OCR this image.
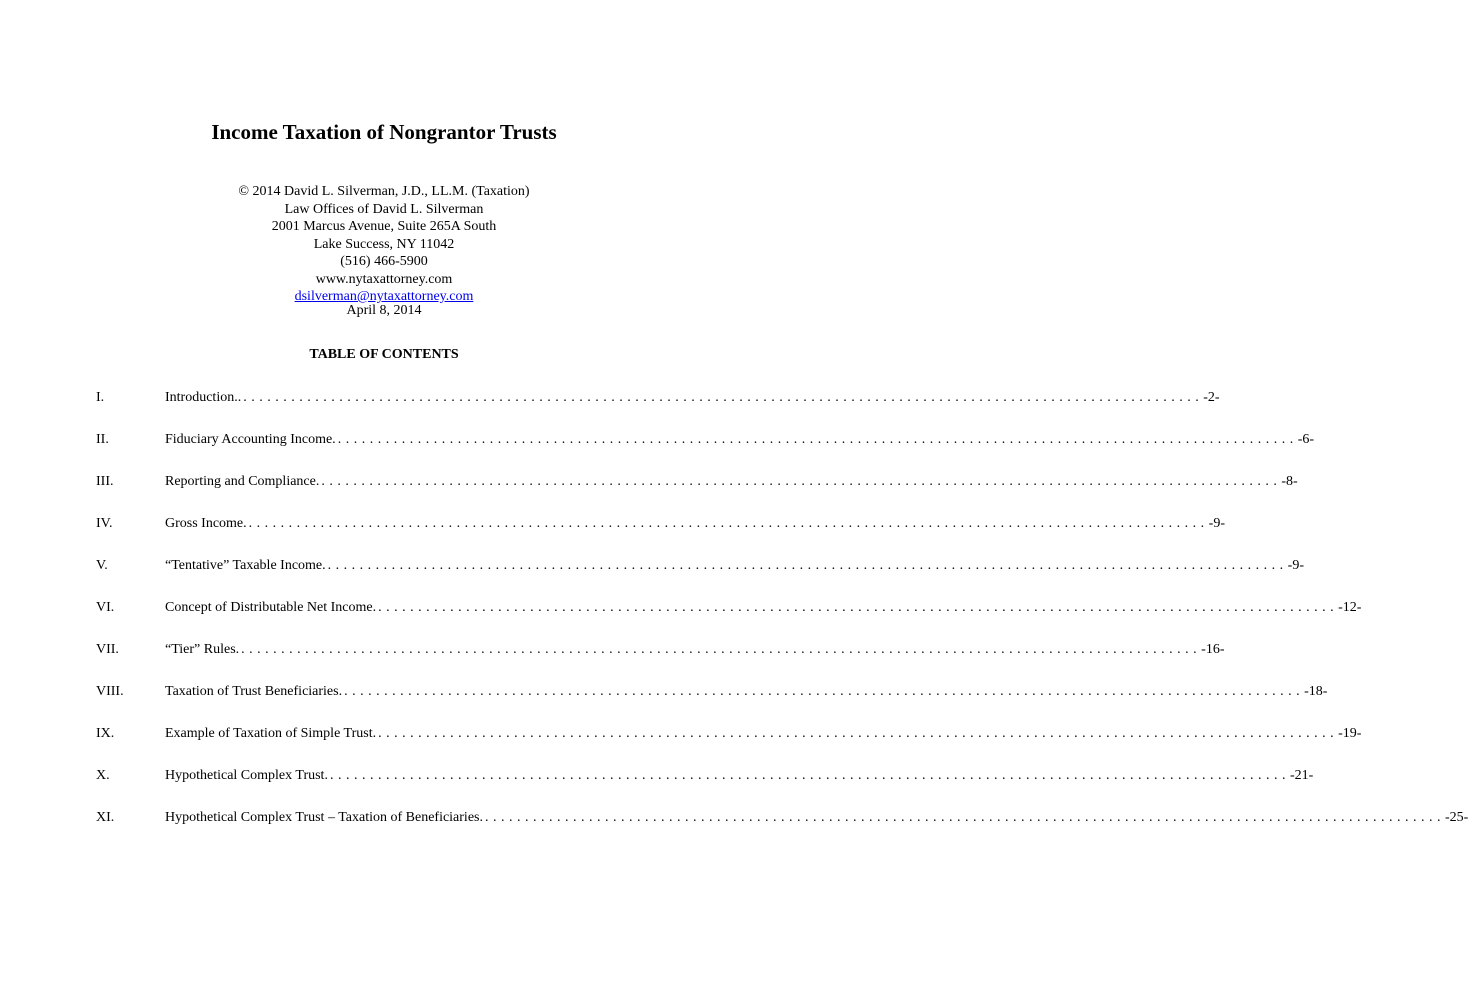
Income Taxation of Nongrantor Trusts
© 2014 David L. Silverman, J.D., LL.M. (Taxation)
Law Offices of David L. Silverman
2001 Marcus Avenue, Suite 265A South
Lake Success, NY 11042
(516) 466-5900
www.nytaxattorney.com
dsilverman@nytaxattorney.com
April 8, 2014
TABLE OF CONTENTS
I.	Introduction.. . . . . . . . . . . . . . . . . . . . . . . . . . . . . . . . . . . . . . . . . . . . . . . . . . . . . . . . . . . . . . . . . . . . . . . . . . . . . . . . . . . . . . . . . . . . . . . . . . . . . . . . . . . . . . . . . . . . . . . . . -2-
II.	Fiduciary Accounting Income. . . . . . . . . . . . . . . . . . . . . . . . . . . . . . . . . . . . . . . . . . . . . . . . . . . . . . . . . . . . . . . . . . . . . . . . . . . . . . . . . . . . . . . . . . . . . . . . . . . . . . . . . . . . . . . . . . . . . . . . . -6-
III.	Reporting and Compliance. . . . . . . . . . . . . . . . . . . . . . . . . . . . . . . . . . . . . . . . . . . . . . . . . . . . . . . . . . . . . . . . . . . . . . . . . . . . . . . . . . . . . . . . . . . . . . . . . . . . . . . . . . . . . . . . . . . . . . . . . -8-
IV.	Gross Income. . . . . . . . . . . . . . . . . . . . . . . . . . . . . . . . . . . . . . . . . . . . . . . . . . . . . . . . . . . . . . . . . . . . . . . . . . . . . . . . . . . . . . . . . . . . . . . . . . . . . . . . . . . . . . . . . . . . . . . . . -9-
V.	“Tentative” Taxable Income. . . . . . . . . . . . . . . . . . . . . . . . . . . . . . . . . . . . . . . . . . . . . . . . . . . . . . . . . . . . . . . . . . . . . . . . . . . . . . . . . . . . . . . . . . . . . . . . . . . . . . . . . . . . . . . . . . . . . . . . . -9-
VI.	Concept of Distributable Net Income. . . . . . . . . . . . . . . . . . . . . . . . . . . . . . . . . . . . . . . . . . . . . . . . . . . . . . . . . . . . . . . . . . . . . . . . . . . . . . . . . . . . . . . . . . . . . . . . . . . . . . . . . . . . . . . . . . . . . . . . . -12-
VII.	“Tier” Rules. . . . . . . . . . . . . . . . . . . . . . . . . . . . . . . . . . . . . . . . . . . . . . . . . . . . . . . . . . . . . . . . . . . . . . . . . . . . . . . . . . . . . . . . . . . . . . . . . . . . . . . . . . . . . . . . . . . . . . . . . -16-
VIII.	Taxation of Trust Beneficiaries. . . . . . . . . . . . . . . . . . . . . . . . . . . . . . . . . . . . . . . . . . . . . . . . . . . . . . . . . . . . . . . . . . . . . . . . . . . . . . . . . . . . . . . . . . . . . . . . . . . . . . . . . . . . . . . . . . . . . . . . . -18-
IX.	Example of Taxation of Simple Trust. . . . . . . . . . . . . . . . . . . . . . . . . . . . . . . . . . . . . . . . . . . . . . . . . . . . . . . . . . . . . . . . . . . . . . . . . . . . . . . . . . . . . . . . . . . . . . . . . . . . . . . . . . . . . . . . . . . . . . . . . -19-
X.	Hypothetical Complex Trust. . . . . . . . . . . . . . . . . . . . . . . . . . . . . . . . . . . . . . . . . . . . . . . . . . . . . . . . . . . . . . . . . . . . . . . . . . . . . . . . . . . . . . . . . . . . . . . . . . . . . . . . . . . . . . . . . . . . . . . . . -21-
XI.	Hypothetical Complex Trust – Taxation of Beneficiaries. . . . . . . . . . . . . . . . . . . . . . . . . . . . . . . . . . . . . . . . . . . . . . . . . . . . . . . . . . . . . . . . . . . . . . . . . . . . . . . . . . . . . . . . . . . . . . . . . . . . . . . . . . . . . . . . . . . . . . . . . -25-
